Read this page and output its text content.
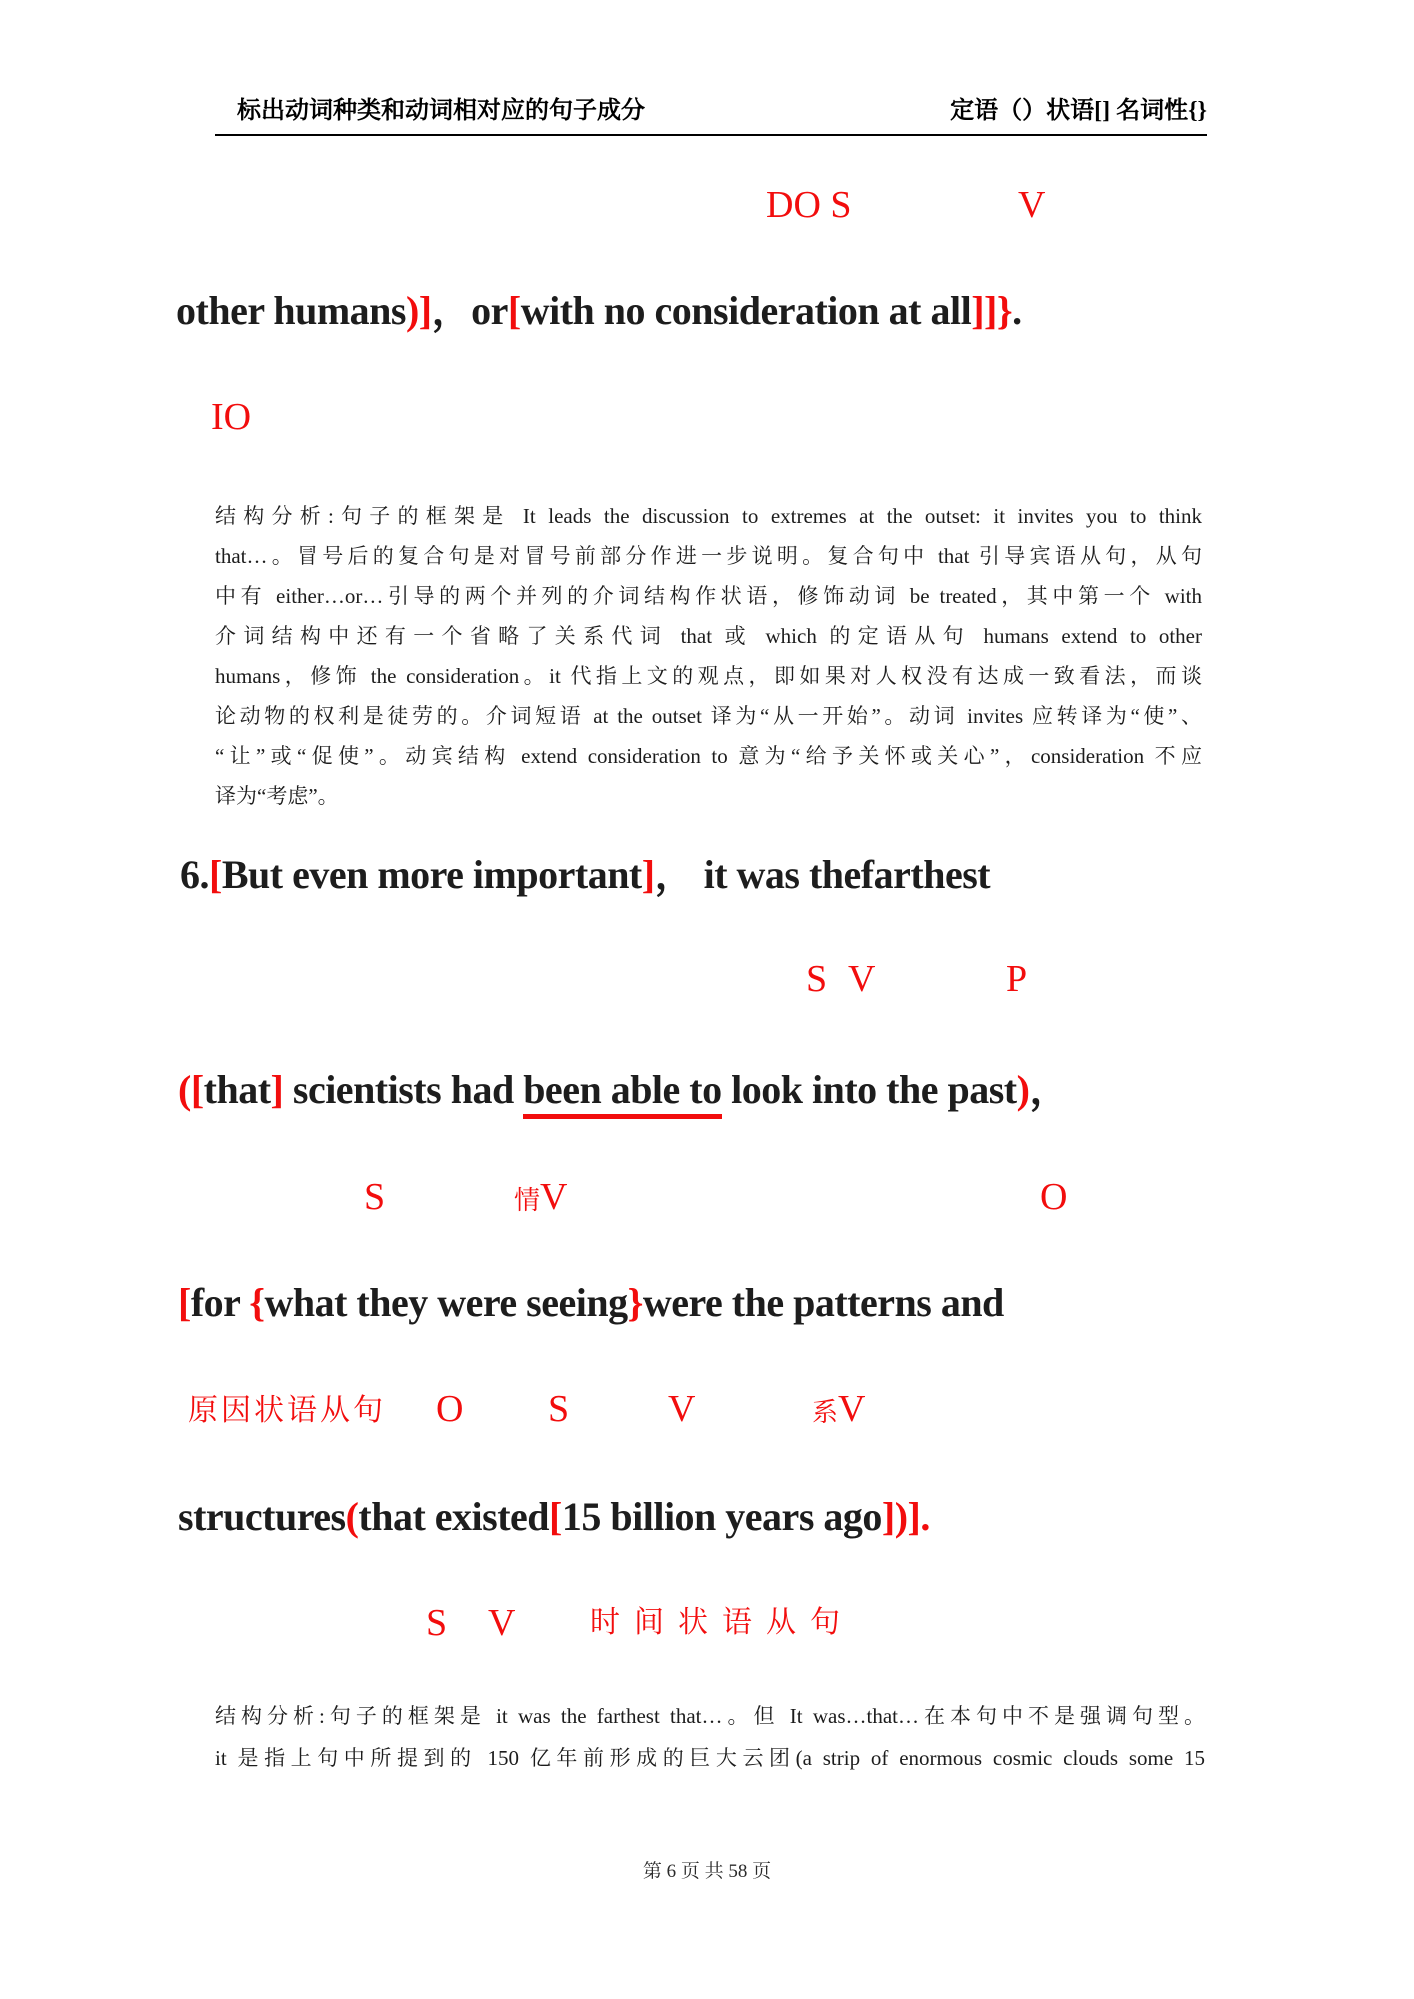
标出动词种类和动词相对应的句子成分	定语（）状语[] 名词性{}
DO S	V
other humans)]，or[with no consideration at all]]}.
IO
结构分析:句子的框架是 It leads the discussion to extremes at the outset: it invites you to think
that…。冒号后的复合句是对冒号前部分作进一步说明。复合句中 that 引导宾语从句，从句
中有 either…or…引导的两个并列的介词结构作状语，修饰动词 be treated，其中第一个 with
介词结构中还有一个省略了关系代词 that 或 which 的定语从句 humans extend to other
humans，修饰 the consideration。it 代指上文的观点，即如果对人权没有达成一致看法，而谈
论动物的权利是徒劳的。介词短语 at the outset 译为“从一开始”。动词 invites 应转译为“使”、
“让”或“促使”。动宾结构 extend consideration to 意为“给予关怀或关心”，consideration 不应
译为“考虑”。
6.[But even more important]， it was thefarthest
S V	P
([that] scientists had been able to look into the past)，
S	情V	O
[for {what they were seeing}were the patterns and
原因状语从句 O S	V	系V
structures(that existed[15 billion years ago])].
S V 时间状语从句
结构分析:句子的框架是 it was the farthest that…。但 It was…that…在本句中不是强调句型。
it 是指上句中所提到的 150 亿年前形成的巨大云团(a strip of enormous cosmic clouds some 15
第 6 页 共 58 页
